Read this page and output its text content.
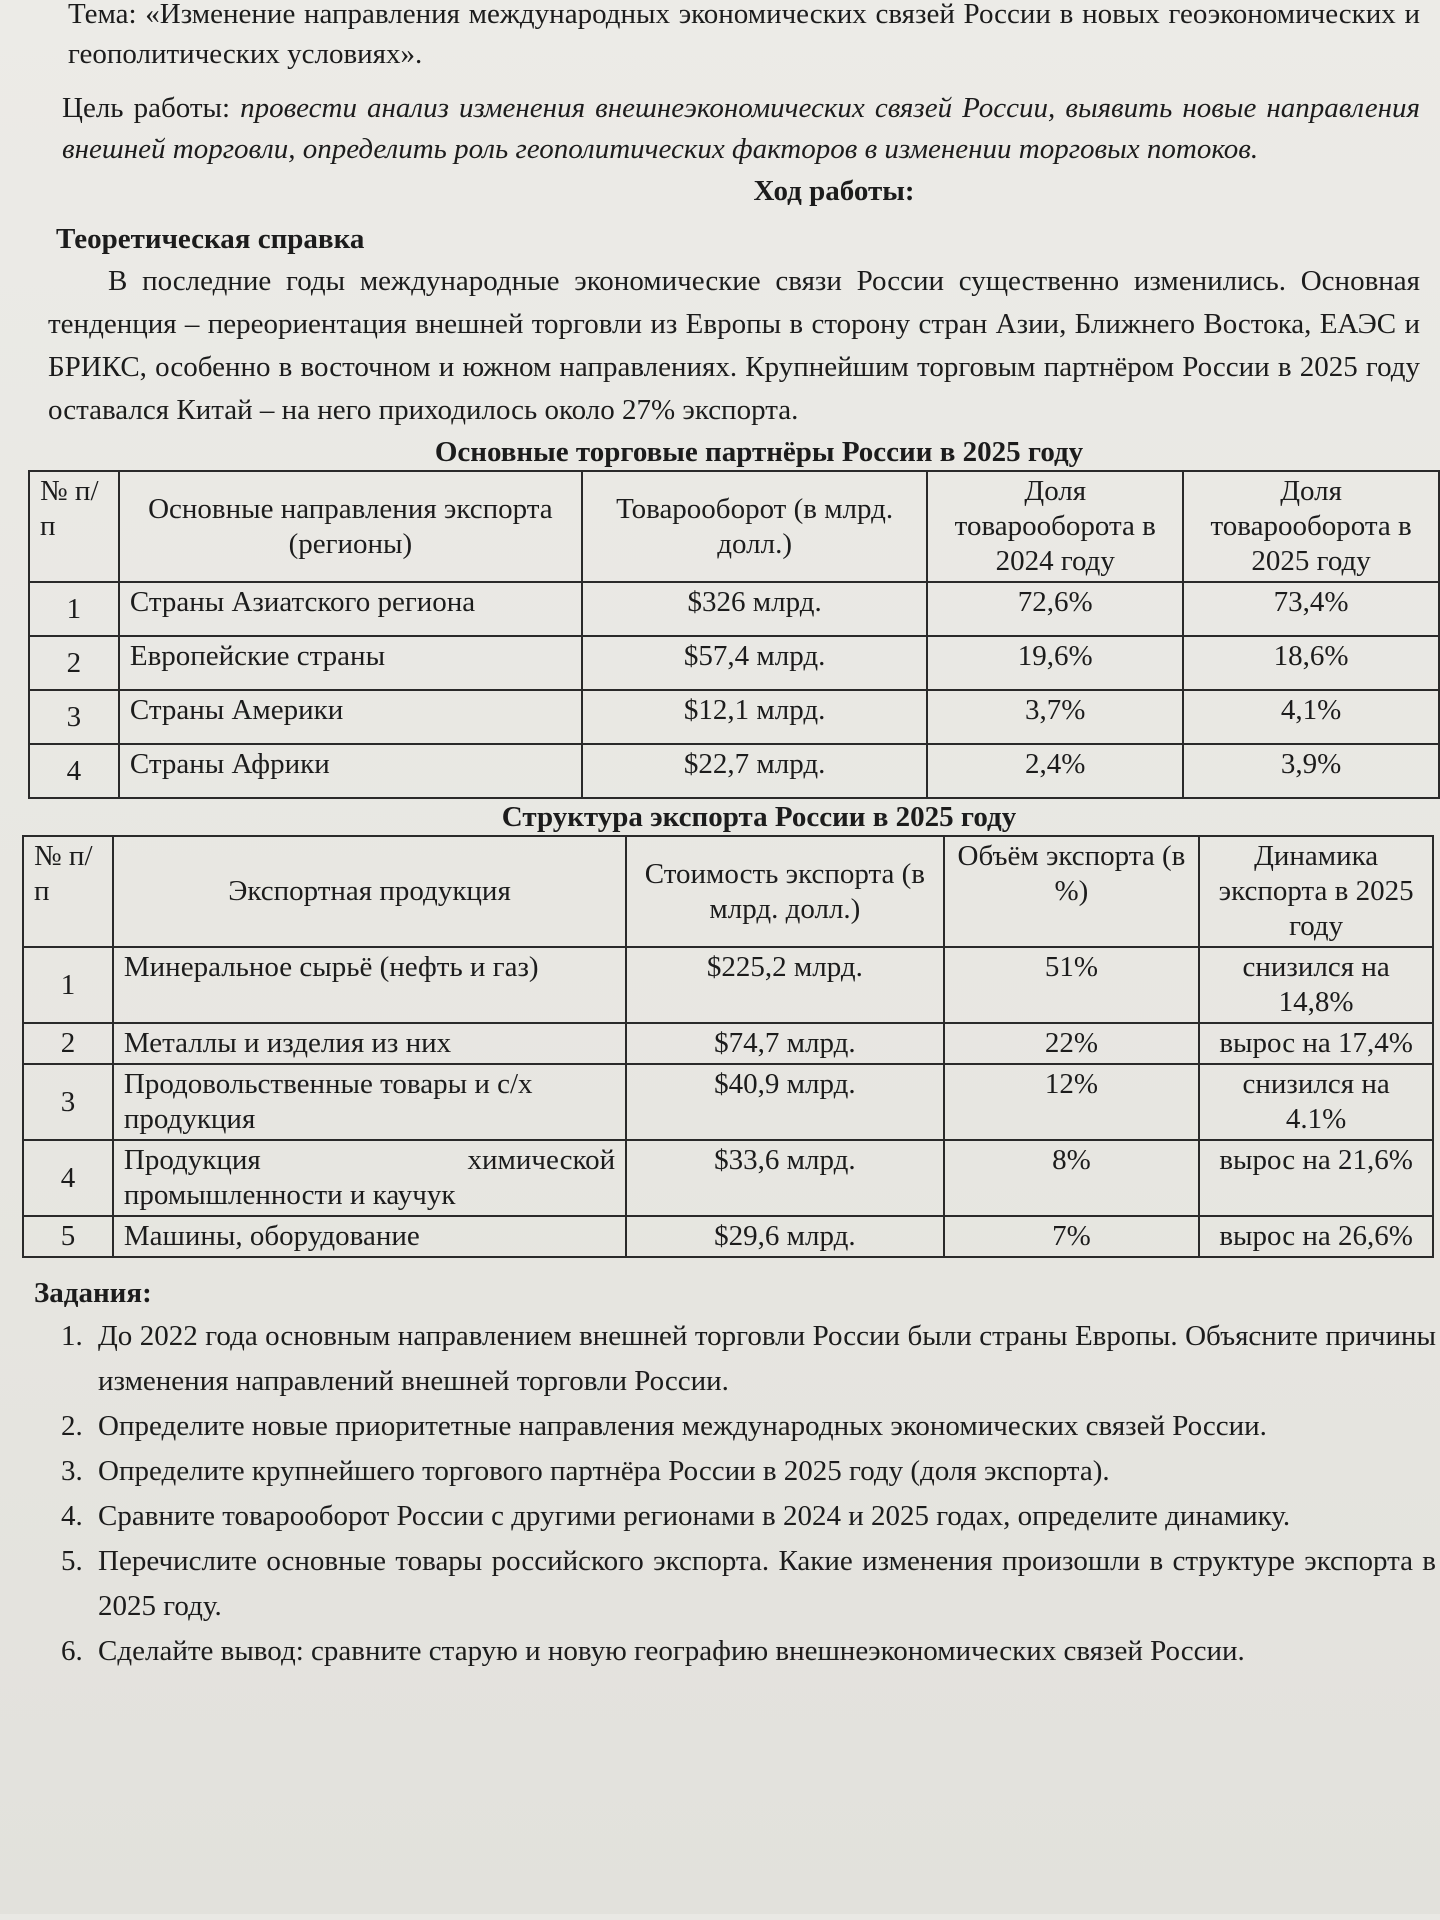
Тема: «Изменение направления международных экономических связей России в новых геоэкономических и геополитических условиях».

Цель работы: провести анализ изменения внешнеэкономических связей России, выявить новые направления внешней торговли, определить роль геополитических факторов в изменении торговых потоков.

Ход работы:

Теоретическая справка

В последние годы международные экономические связи России существенно изменились. Основная тенденция – переориентация внешней торговли из Европы в сторону стран Азии, Ближнего Востока, ЕАЭС и БРИКС, особенно в восточном и южном направлениях. Крупнейшим торговым партнёром России в 2025 году оставался Китай – на него приходилось около 27% экспорта.

Основные торговые партнёры России в 2025 году

№ п/п	Основные направления экспорта (регионы)	Товарооборот (в млрд. долл.)	Доля товарооборота в 2024 году	Доля товарооборота в 2025 году
1	Страны Азиатского региона	$326 млрд.	72,6%	73,4%
2	Европейские страны	$57,4 млрд.	19,6%	18,6%
3	Страны Америки	$12,1 млрд.	3,7%	4,1%
4	Страны Африки	$22,7 млрд.	2,4%	3,9%

Структура экспорта России в 2025 году

№ п/п	Экспортная продукция	Стоимость экспорта (в млрд. долл.)	Объём экспорта (в %)	Динамика экспорта в 2025 году
1	Минеральное сырьё (нефть и газ)	$225,2 млрд.	51%	снизился на 14,8%
2	Металлы и изделия из них	$74,7 млрд.	22%	вырос на 17,4%
3	Продовольственные товары и с/х продукция	$40,9 млрд.	12%	снизился на 4.1%
4	Продукция химической промышленности и каучук	$33,6 млрд.	8%	вырос на 21,6%
5	Машины, оборудование	$29,6 млрд.	7%	вырос на 26,6%

Задания:

1. До 2022 года основным направлением внешней торговли России были страны Европы. Объясните причины изменения направлений внешней торговли России.
2. Определите новые приоритетные направления международных экономических связей России.
3. Определите крупнейшего торгового партнёра России в 2025 году (доля экспорта).
4. Сравните товарооборот России с другими регионами в 2024 и 2025 годах, определите динамику.
5. Перечислите основные товары российского экспорта. Какие изменения произошли в структуре экспорта в 2025 году.
6. Сделайте вывод: сравните старую и новую географию внешнеэкономических связей России.
